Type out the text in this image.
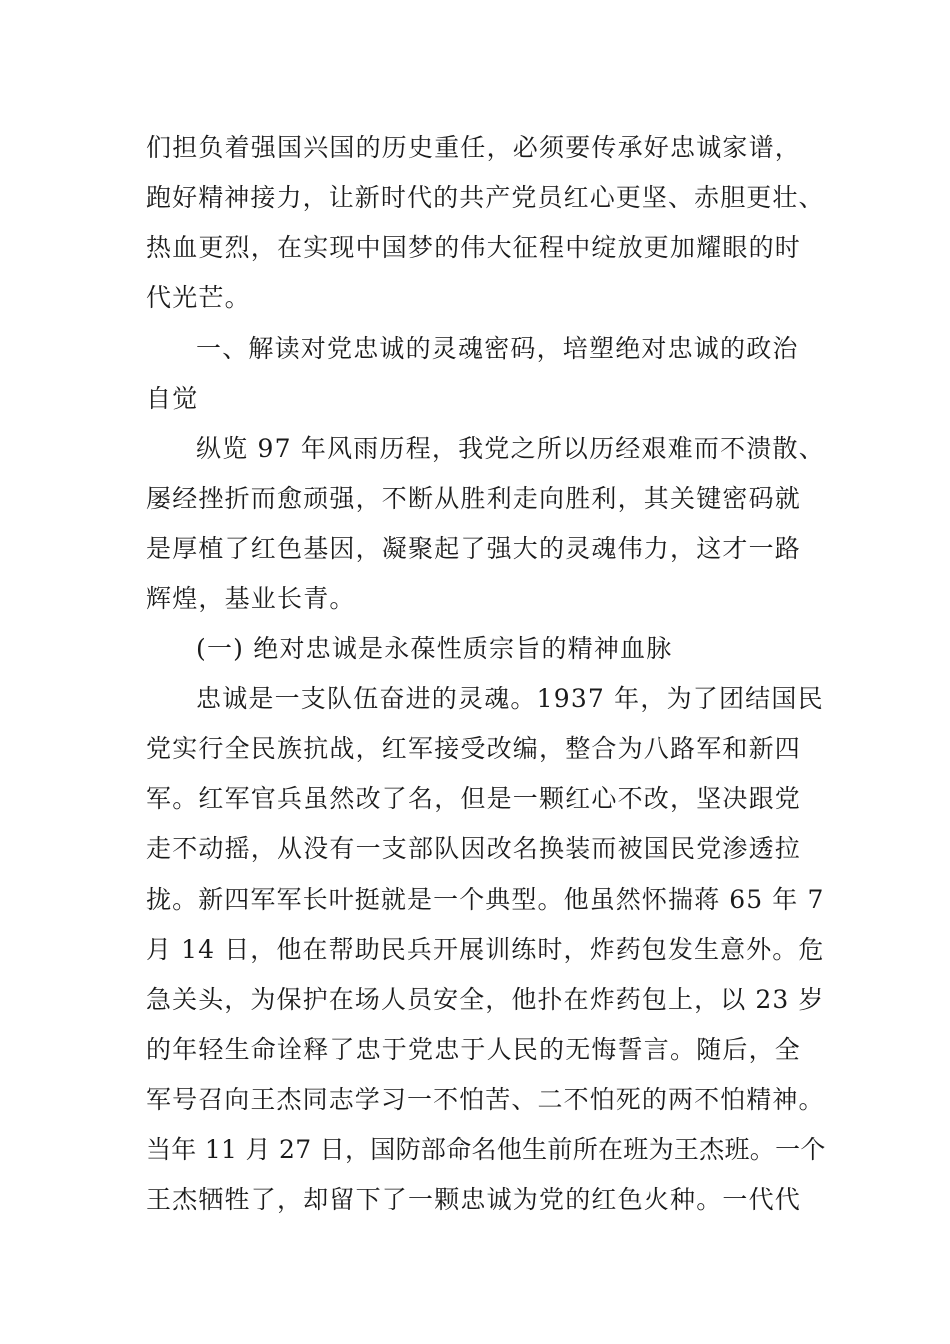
们担负着强国兴国的历史重任，必须要传承好忠诚家谱，
跑好精神接力，让新时代的共产党员红心更坚、赤胆更壮、
热血更烈，在实现中国梦的伟大征程中绽放更加耀眼的时
代光芒。
一、解读对党忠诚的灵魂密码，培塑绝对忠诚的政治
自觉
纵览 97 年风雨历程，我党之所以历经艰难而不溃散、
屡经挫折而愈顽强，不断从胜利走向胜利，其关键密码就
是厚植了红色基因，凝聚起了强大的灵魂伟力，这才一路
辉煌，基业长青。
(一) 绝对忠诚是永葆性质宗旨的精神血脉
忠诚是一支队伍奋进的灵魂。1937 年，为了团结国民
党实行全民族抗战，红军接受改编，整合为八路军和新四
军。红军官兵虽然改了名，但是一颗红心不改，坚决跟党
走不动摇，从没有一支部队因改名换装而被国民党渗透拉
拢。新四军军长叶挺就是一个典型。他虽然怀揣蒋 65 年 7
月 14 日，他在帮助民兵开展训练时，炸药包发生意外。危
急关头，为保护在场人员安全，他扑在炸药包上，以 23 岁
的年轻生命诠释了忠于党忠于人民的无悔誓言。随后，全
军号召向王杰同志学习一不怕苦、二不怕死的两不怕精神。
当年 11 月 27 日，国防部命名他生前所在班为王杰班。一个
王杰牺牲了，却留下了一颗忠诚为党的红色火种。一代代
